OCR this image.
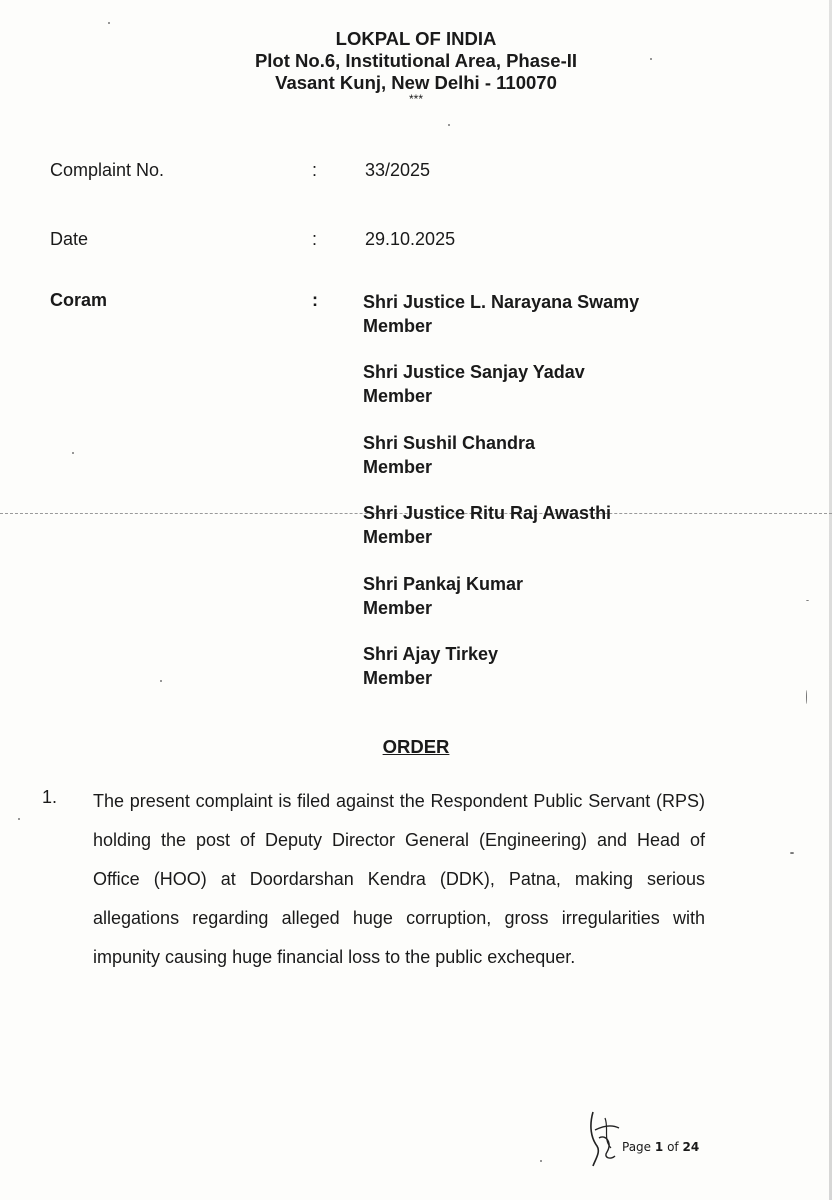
LOKPAL OF INDIA
Plot No.6, Institutional Area, Phase-II
Vasant Kunj, New Delhi - 110070
***
Complaint No.	:	33/2025
Date	:	29.10.2025
Coram	:	Shri Justice L. Narayana Swamy
Member
Shri Justice Sanjay Yadav
Member
Shri Sushil Chandra
Member
Shri Justice Ritu Raj Awasthi
Member
Shri Pankaj Kumar
Member
Shri Ajay Tirkey
Member
ORDER
1. The present complaint is filed against the Respondent Public Servant (RPS) holding the post of Deputy Director General (Engineering) and Head of Office (HOO) at Doordarshan Kendra (DDK), Patna, making serious allegations regarding alleged huge corruption, gross irregularities with impunity causing huge financial loss to the public exchequer.
Page 1 of 24
